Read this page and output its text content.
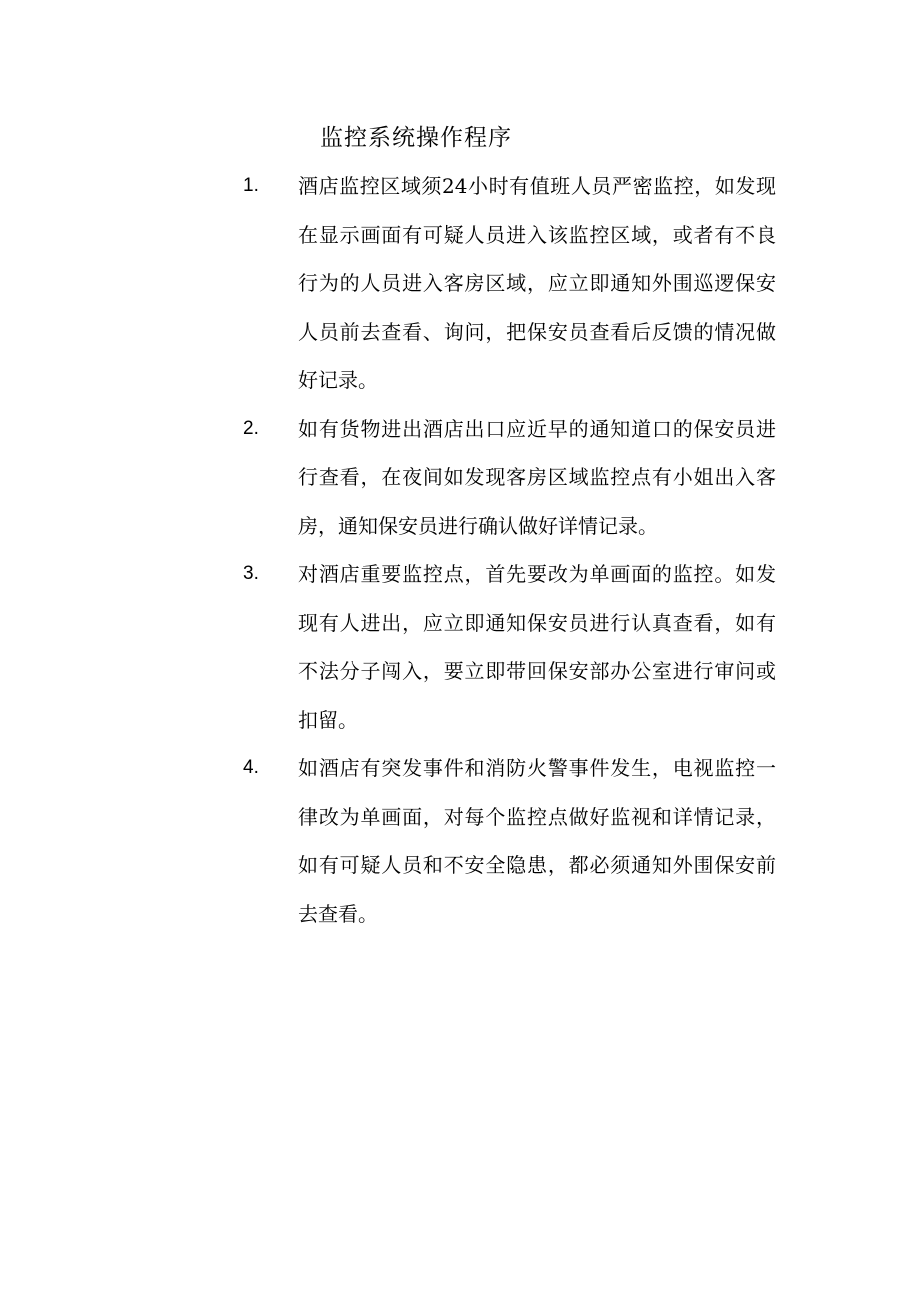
监控系统操作程序
1. 酒店监控区域须24小时有值班人员严密监控，如发现在显示画面有可疑人员进入该监控区域，或者有不良行为的人员进入客房区域，应立即通知外围巡逻保安人员前去查看、询问，把保安员查看后反馈的情况做好记录。
2. 如有货物进出酒店出口应近早的通知道口的保安员进行查看，在夜间如发现客房区域监控点有小姐出入客房，通知保安员进行确认做好详情记录。
3. 对酒店重要监控点，首先要改为单画面的监控。如发现有人进出，应立即通知保安员进行认真查看，如有不法分子闯入，要立即带回保安部办公室进行审问或扣留。
4. 如酒店有突发事件和消防火警事件发生，电视监控一律改为单画面，对每个监控点做好监视和详情记录，如有可疑人员和不安全隐患，都必须通知外围保安前去查看。
